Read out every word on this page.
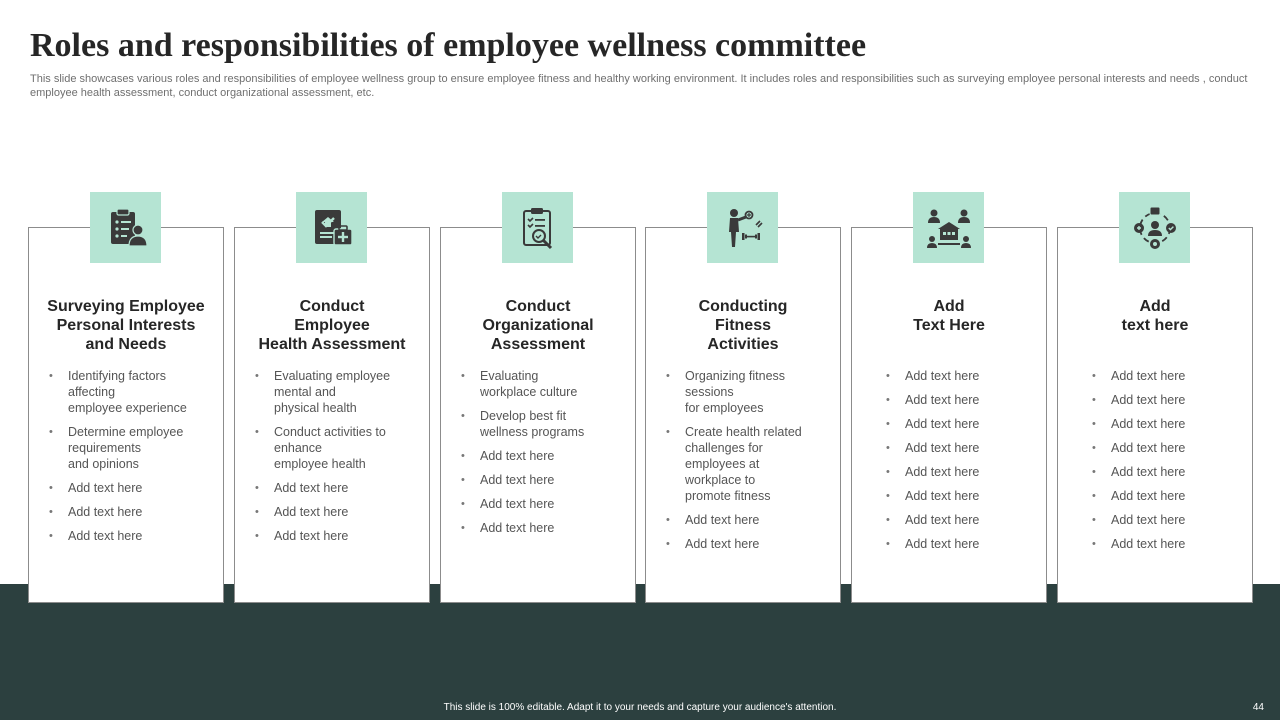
Roles and responsibilities of employee wellness committee
This slide showcases various roles and responsibilities of employee wellness group to ensure employee fitness and healthy working environment. It includes roles and responsibilities such as surveying employee personal interests and needs , conduct employee health assessment, conduct organizational assessment, etc.
Surveying Employee
Personal Interests
and Needs
• Identifying factors
affecting
employee experience
• Determine employee
requirements
and opinions
• Add text here
• Add text here
• Add text here
Conduct
Employee
Health Assessment
• Evaluating employee
mental and
physical health
• Conduct activities to
enhance
employee health
• Add text here
• Add text here
• Add text here
Conduct
Organizational
Assessment
• Evaluating
workplace culture
• Develop best fit
wellness programs
• Add text here
• Add text here
• Add text here
• Add text here
Conducting
Fitness
Activities
• Organizing fitness
sessions
for employees
• Create health related
challenges for
employees at
workplace to
promote fitness
• Add text here
• Add text here
Add
Text Here
• Add text here
• Add text here
• Add text here
• Add text here
• Add text here
• Add text here
• Add text here
• Add text here
Add
text here
• Add text here
• Add text here
• Add text here
• Add text here
• Add text here
• Add text here
• Add text here
• Add text here
This slide is 100% editable. Adapt it to your needs and capture your audience's attention.	44
